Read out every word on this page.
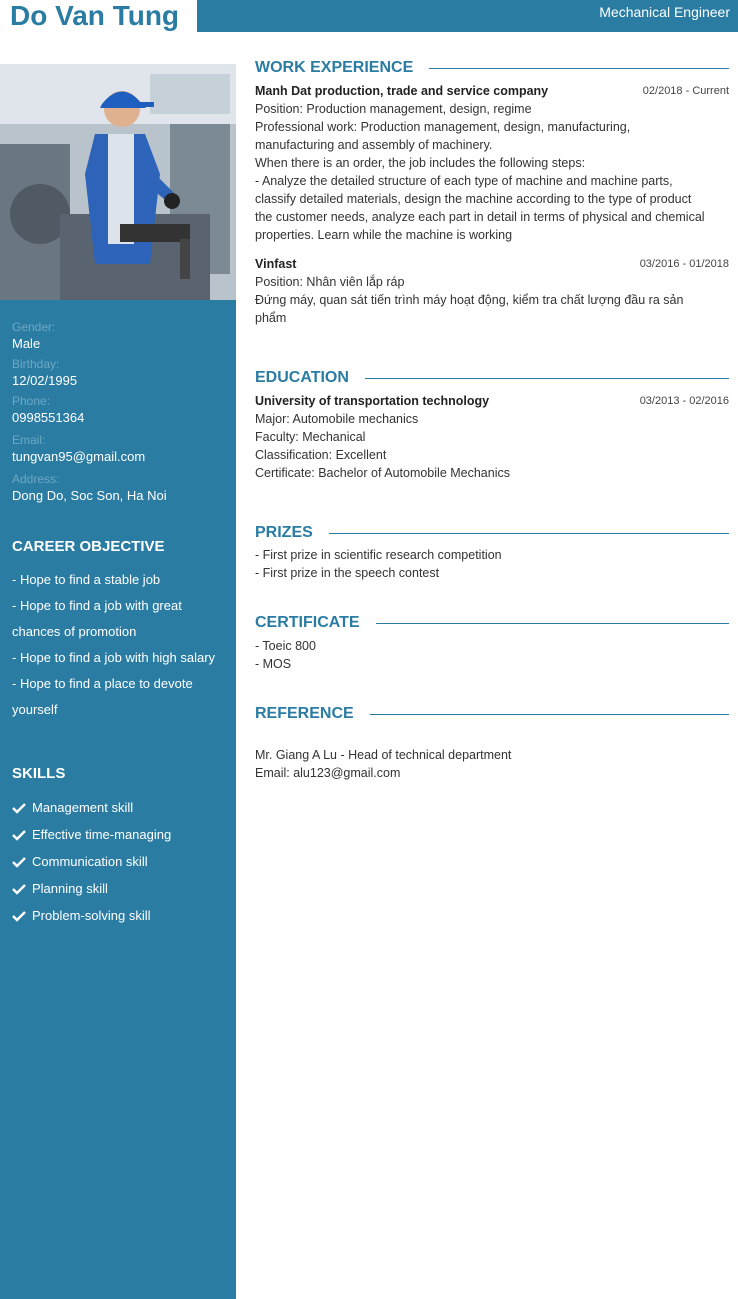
Do Van Tung	Mechanical Engineer
Gender:
Male
Birthday:
12/02/1995
Phone:
0998551364
Email:
tungvan95@gmail.com
Address:
Dong Do, Soc Son, Ha Noi
CAREER OBJECTIVE
- Hope to find a stable job
- Hope to find a job with great chances of promotion
- Hope to find a job with high salary
- Hope to find a place to devote yourself
SKILLS
Management skill
Effective time-managing
Communication skill
Planning skill
Problem-solving skill
WORK EXPERIENCE
Manh Dat production, trade and service company	02/2018 - Current
Position: Production management, design, regime
Professional work: Production management, design, manufacturing,
manufacturing and assembly of machinery.
When there is an order, the job includes the following steps:
- Analyze the detailed structure of each type of machine and machine parts,
classify detailed materials, design the machine according to the type of product
the customer needs, analyze each part in detail in terms of physical and chemical
properties. Learn while the machine is working
Vinfast	03/2016 - 01/2018
Position: Nhân viên lắp ráp
Đứng máy, quan sát tiến trình máy hoạt động, kiểm tra chất lượng đầu ra sản
phẩm
EDUCATION
University of transportation technology	03/2013 - 02/2016
Major: Automobile mechanics
Faculty: Mechanical
Classification: Excellent
Certificate: Bachelor of Automobile Mechanics
PRIZES
- First prize in scientific research competition
- First prize in the speech contest
CERTIFICATE
- Toeic 800
- MOS
REFERENCE
Mr. Giang A Lu - Head of technical department
Email: alu123@gmail.com
